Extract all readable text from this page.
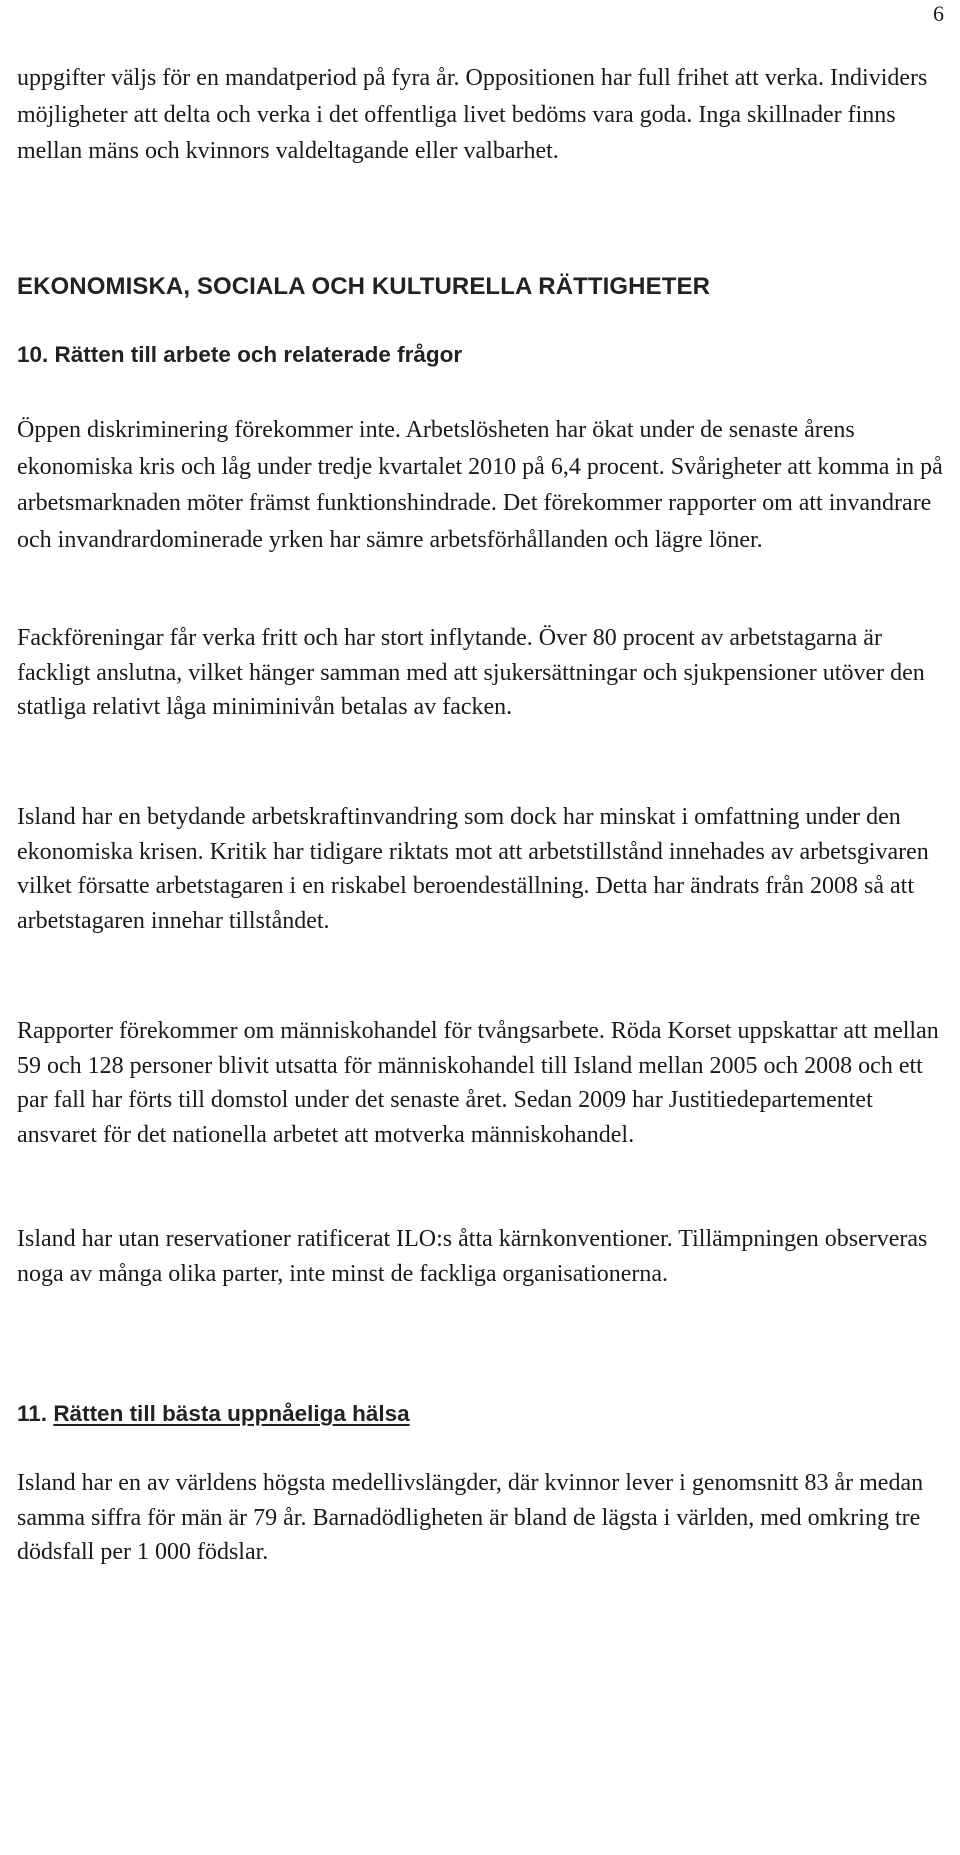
6

uppgifter väljs för en mandatperiod på fyra år. Oppositionen har full frihet att verka. Individers möjligheter att delta och verka i det offentliga livet bedöms vara goda. Inga skillnader finns mellan mäns och kvinnors valdeltagande eller valbarhet.

EKONOMISKA, SOCIALA OCH KULTURELLA RÄTTIGHETER
10. Rätten till arbete och relaterade frågor

Öppen diskriminering förekommer inte. Arbetslösheten har ökat under de senaste årens ekonomiska kris och låg under tredje kvartalet 2010 på 6,4 procent. Svårigheter att komma in på arbetsmarknaden möter främst funktionshindrade. Det förekommer rapporter om att invandrare och invandrardominerade yrken har sämre arbetsförhållanden och lägre löner.

Fackföreningar får verka fritt och har stort inflytande. Över 80 procent av arbetstagarna är fackligt anslutna, vilket hänger samman med att sjukersättningar och sjukpensioner utöver den statliga relativt låga miniminivån betalas av facken.

Island har en betydande arbetskraftinvandring som dock har minskat i omfattning under den ekonomiska krisen. Kritik har tidigare riktats mot att arbetstillstånd innehades av arbetsgivaren vilket försatte arbetstagaren i en riskabel beroendeställning. Detta har ändrats från 2008 så att arbetstagaren innehar tillståndet.

Rapporter förekommer om människohandel för tvångsarbete. Röda Korset uppskattar att mellan 59 och 128 personer blivit utsatta för människohandel till Island mellan 2005 och 2008 och ett par fall har förts till domstol under det senaste året. Sedan 2009 har Justitiedepartementet ansvaret för det nationella arbetet att motverka människohandel.

Island har utan reservationer ratificerat ILO:s åtta kärnkonventioner. Tillämpningen observeras noga av många olika parter, inte minst de fackliga organisationerna.

11. Rätten till bästa uppnåeliga hälsa

Island har en av världens högsta medellivslängder, där kvinnor lever i genomsnitt 83 år medan samma siffra för män är 79 år. Barnadödligheten är bland de lägsta i världen, med omkring tre dödsfall per 1 000 födslar.
